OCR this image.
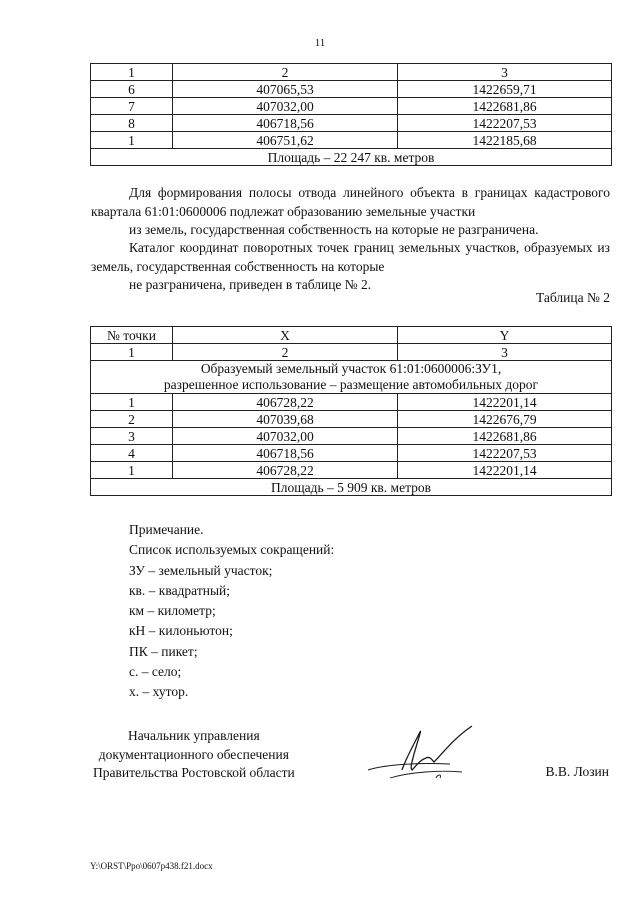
11
1	2	3
6	407065,53	1422659,71
7	407032,00	1422681,86
8	406718,56	1422207,53
1	406751,62	1422185,68
Площадь – 22 247 кв. метров		

Для формирования полосы отвода линейного объекта в границах кадастрового квартала 61:01:0600006 подлежат образованию земельные участки
из земель, государственная собственность на которые не разграничена.

Каталог координат поворотных точек границ земельных участков, образуемых из земель, государственная собственность на которые
не разграничена, приведен в таблице № 2.

Таблица № 2
№ точки	X	Y
1	2	3
Образуемый земельный участок 61:01:0600006:ЗУ1,
разрешенное использование – размещение автомобильных дорог		
1	406728,22	1422201,14
2	407039,68	1422676,79
3	407032,00	1422681,86
4	406718,56	1422207,53
1	406728,22	1422201,14
Площадь – 5 909 кв. метров		
Примечание.
Список используемых сокращений:
ЗУ – земельный участок;
кв. – квадратный;
км – километр;
кН – килоньютон;
ПК – пикет;
с. – село;
х. – хутор.
Начальник управления
документационного обеспечения
Правительства Ростовской области	В.В. Лозин
Y:\ORST\Ppo\0607p438.f21.docx
